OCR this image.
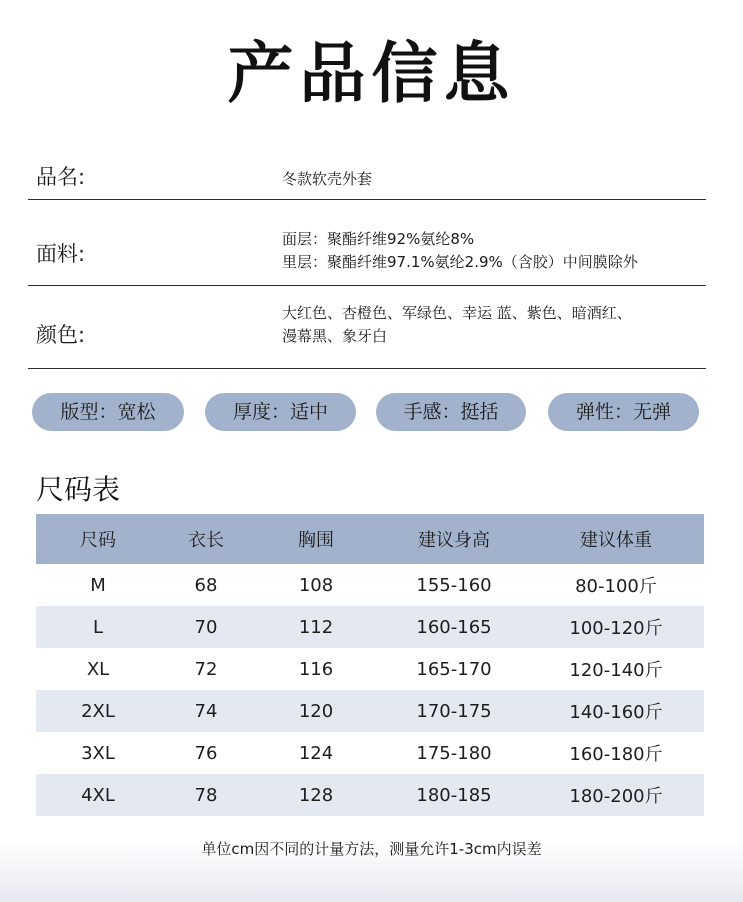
产品信息
品名:	冬款软壳外套
面料:
面层：聚酯纤维92%氨纶8%
里层：聚酯纤维97.1%氨纶2.9%（含胶）中间膜除外
颜色:
大红色、杏橙色、军绿色、幸运 蓝、紫色、暗酒红、
漫幕黑、象牙白
版型：宽松	厚度：适中	手感：挺括	弹性：无弹
尺码表
尺码	衣长	胸围	建议身高	建议体重
M	68	108	155-160	80-100斤
L	70	112	160-165	100-120斤
XL	72	116	165-170	120-140斤
2XL	74	120	170-175	140-160斤
3XL	76	124	175-180	160-180斤
4XL	78	128	180-185	180-200斤
单位cm因不同的计量方法，测量允许1-3cm内误差
